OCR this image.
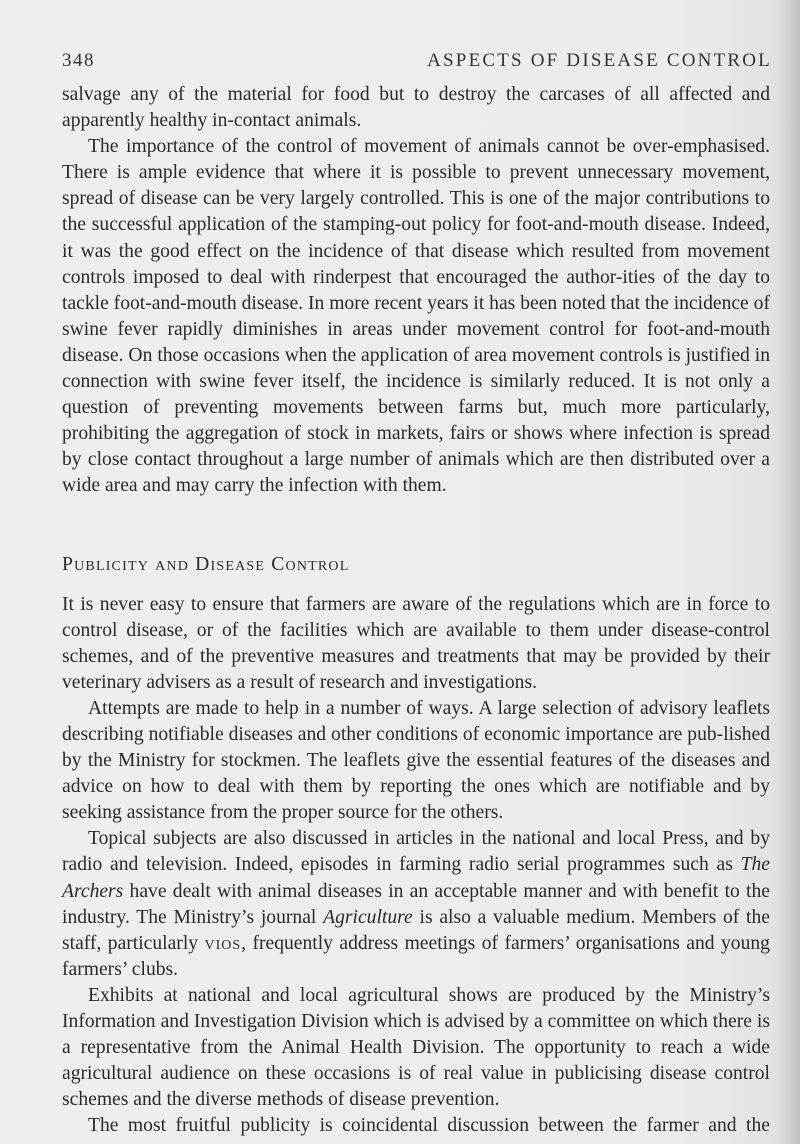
348	ASPECTS OF DISEASE CONTROL

salvage any of the material for food but to destroy the carcases of all affected and apparently healthy in-contact animals.

The importance of the control of movement of animals cannot be over-emphasised. There is ample evidence that where it is possible to prevent unnecessary movement, spread of disease can be very largely controlled. This is one of the major contributions to the successful application of the stamping-out policy for foot-and-mouth disease. Indeed, it was the good effect on the incidence of that disease which resulted from movement controls imposed to deal with rinderpest that encouraged the author-ities of the day to tackle foot-and-mouth disease. In more recent years it has been noted that the incidence of swine fever rapidly diminishes in areas under movement control for foot-and-mouth disease. On those occasions when the application of area movement controls is justified in connection with swine fever itself, the incidence is similarly reduced. It is not only a question of preventing movements between farms but, much more particularly, prohibiting the aggregation of stock in markets, fairs or shows where infection is spread by close contact throughout a large number of animals which are then distributed over a wide area and may carry the infection with them.

Publicity and Disease Control

It is never easy to ensure that farmers are aware of the regulations which are in force to control disease, or of the facilities which are available to them under disease-control schemes, and of the preventive measures and treatments that may be provided by their veterinary advisers as a result of research and investigations.

Attempts are made to help in a number of ways. A large selection of advisory leaflets describing notifiable diseases and other conditions of economic importance are pub-lished by the Ministry for stockmen. The leaflets give the essential features of the diseases and advice on how to deal with them by reporting the ones which are notifiable and by seeking assistance from the proper source for the others.

Topical subjects are also discussed in articles in the national and local Press, and by radio and television. Indeed, episodes in farming radio serial programmes such as The Archers have dealt with animal diseases in an acceptable manner and with benefit to the industry. The Ministry’s journal Agriculture is also a valuable medium. Members of the staff, particularly vios, frequently address meetings of farmers’ organisations and young farmers’ clubs.

Exhibits at national and local agricultural shows are produced by the Ministry’s Information and Investigation Division which is advised by a committee on which there is a representative from the Animal Health Division. The opportunity to reach a wide agricultural audience on these occasions is of real value in publicising disease control schemes and the diverse methods of disease prevention.

The most fruitful publicity is coincidental discussion between the farmer and the
